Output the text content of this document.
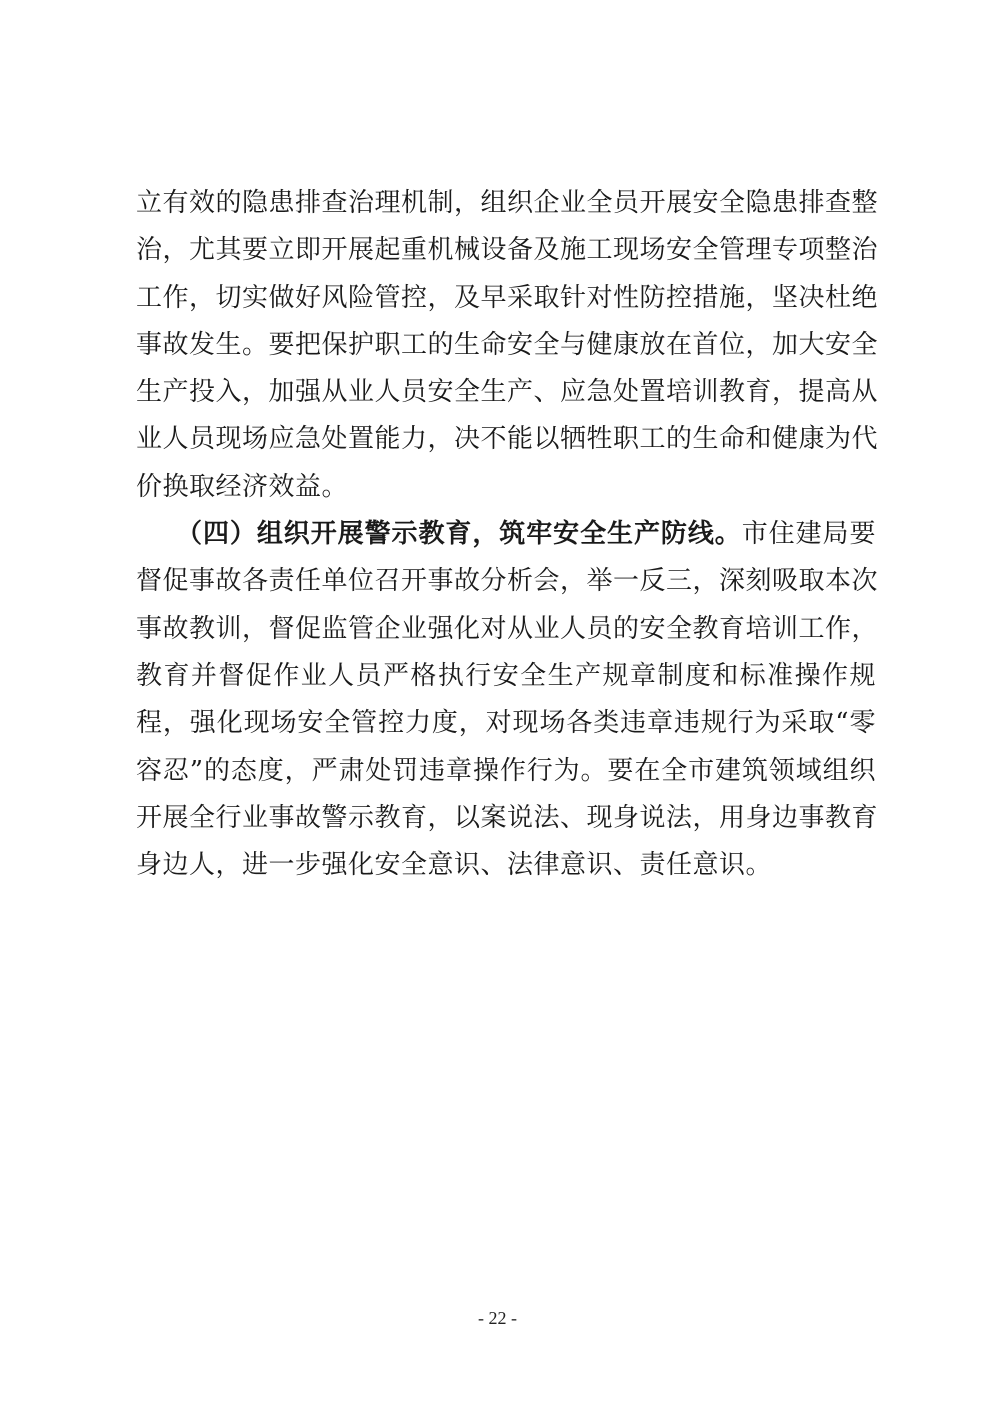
立有效的隐患排查治理机制，组织企业全员开展安全隐患排查整
治，尤其要立即开展起重机械设备及施工现场安全管理专项整治
工作，切实做好风险管控，及早采取针对性防控措施，坚决杜绝
事故发生。要把保护职工的生命安全与健康放在首位，加大安全
生产投入，加强从业人员安全生产、应急处置培训教育，提高从
业人员现场应急处置能力，决不能以牺牲职工的生命和健康为代
价换取经济效益。
（四）组织开展警示教育，筑牢安全生产防线。市住建局要
督促事故各责任单位召开事故分析会，举一反三，深刻吸取本次
事故教训，督促监管企业强化对从业人员的安全教育培训工作，
教育并督促作业人员严格执行安全生产规章制度和标准操作规
程，强化现场安全管控力度，对现场各类违章违规行为采取“零
容忍”的态度，严肃处罚违章操作行为。要在全市建筑领域组织
开展全行业事故警示教育，以案说法、现身说法，用身边事教育
身边人，进一步强化安全意识、法律意识、责任意识。
- 22 -
